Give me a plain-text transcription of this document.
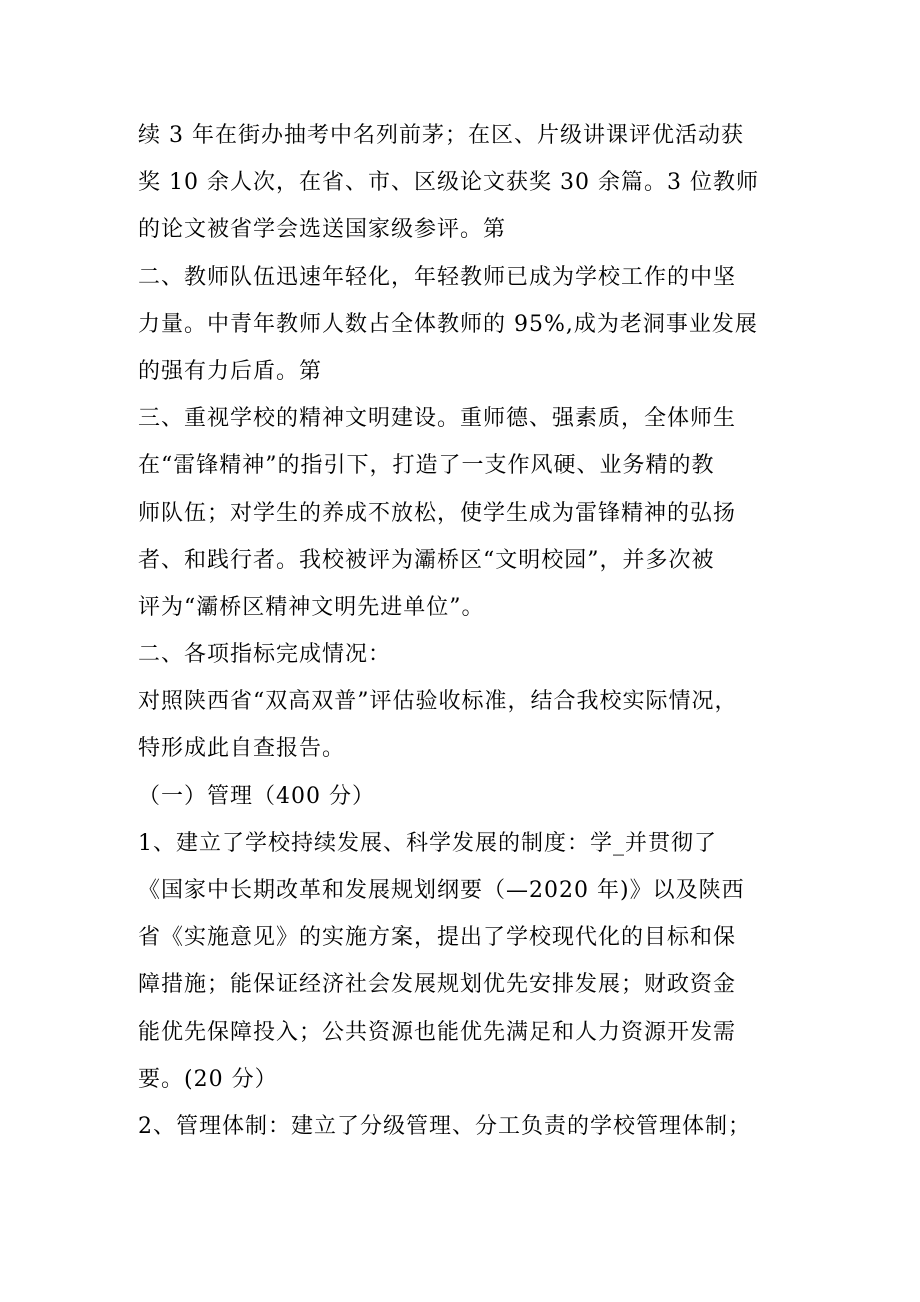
续 3 年在街办抽考中名列前茅；在区、片级讲课评优活动获
奖 10 余人次，在省、市、区级论文获奖 30 余篇。3 位教师
的论文被省学会选送国家级参评。第
二、教师队伍迅速年轻化，年轻教师已成为学校工作的中坚
力量。中青年教师人数占全体教师的 95%,成为老洞事业发展
的强有力后盾。第
三、重视学校的精神文明建设。重师德、强素质，全体师生
在“雷锋精神”的指引下，打造了一支作风硬、业务精的教
师队伍；对学生的养成不放松，使学生成为雷锋精神的弘扬
者、和践行者。我校被评为灞桥区“文明校园”，并多次被
评为“灞桥区精神文明先进单位”。
二、各项指标完成情况：
对照陕西省“双高双普”评估验收标准，结合我校实际情况，
特形成此自查报告。
（一）管理（400 分）
1、建立了学校持续发展、科学发展的制度：学_并贯彻了
《国家中长期改革和发展规划纲要（—2020 年)》以及陕西
省《实施意见》的实施方案，提出了学校现代化的目标和保
障措施；能保证经济社会发展规划优先安排发展；财政资金
能优先保障投入；公共资源也能优先满足和人力资源开发需
要。(20 分）
2、管理体制：建立了分级管理、分工负责的学校管理体制；
